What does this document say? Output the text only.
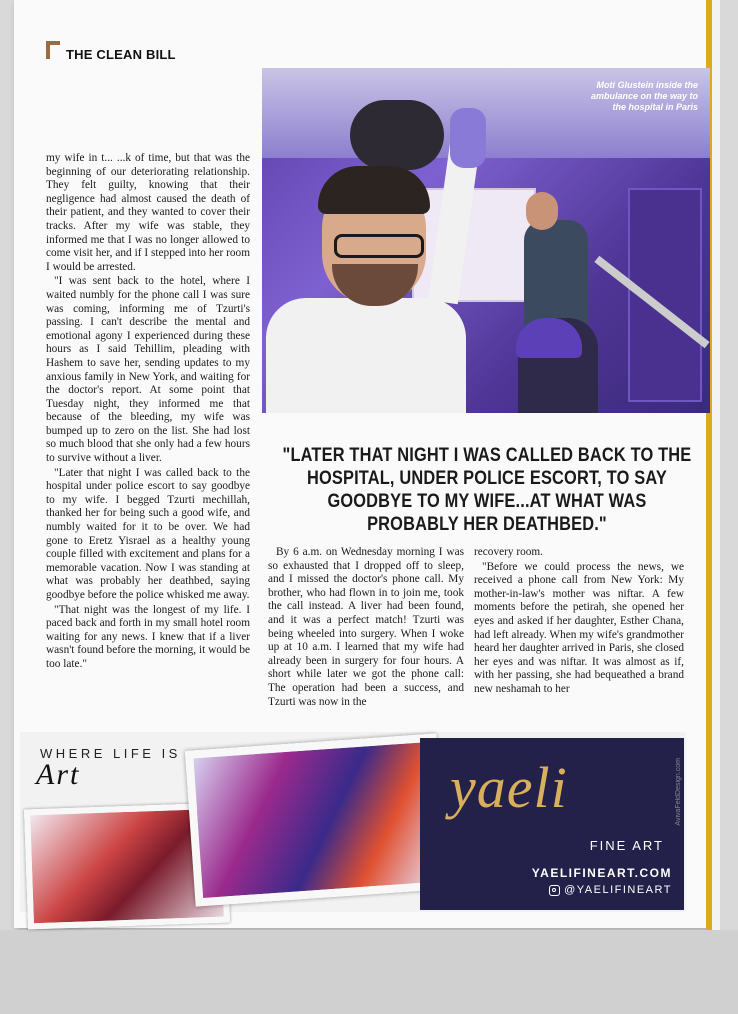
THE CLEAN BILL
Moti Glustein inside the ambulance on the way to the hospital in Paris

my wife in t... ...k of time, but that was the beginning of our deteriorating relationship. They felt guilty, knowing that their negligence had almost caused the death of their patient, and they wanted to cover their tracks. After my wife was stable, they informed me that I was no longer allowed to come visit her, and if I stepped into her room I would be arrested.

"I was sent back to the hotel, where I waited numbly for the phone call I was sure was coming, informing me of Tzurti's passing. I can't describe the mental and emotional agony I experienced during these hours as I said Tehillim, pleading with Hashem to save her, sending updates to my anxious family in New York, and waiting for the doctor's report. At some point that Tuesday night, they informed me that because of the bleeding, my wife was bumped up to zero on the list. She had lost so much blood that she only had a few hours to survive without a liver.

"Later that night I was called back to the hospital under police escort to say goodbye to my wife. I begged Tzurti mechillah, thanked her for being such a good wife, and numbly waited for it to be over. We had gone to Eretz Yisrael as a healthy young couple filled with excitement and plans for a memorable vacation. Now I was standing at what was probably her deathbed, saying goodbye before the police whisked me away.

"That night was the longest of my life. I paced back and forth in my small hotel room waiting for any news. I knew that if a liver wasn't found before the morning, it would be too late."

"LATER THAT NIGHT I WAS CALLED BACK TO THE HOSPITAL, UNDER POLICE ESCORT, TO SAY GOODBYE TO MY WIFE...AT WHAT WAS PROBABLY HER DEATHBED."

By 6 a.m. on Wednesday morning I was so exhausted that I dropped off to sleep, and I missed the doctor's phone call. My brother, who had flown in to join me, took the call instead. A liver had been found, and it was a perfect match! Tzurti was being wheeled into surgery. When I woke up at 10 a.m. I learned that my wife had already been in surgery for four hours. A short while later we got the phone call: The operation had been a success, and Tzurti was now in the

recovery room.

"Before we could process the news, we received a phone call from New York: My mother-in-law's mother was niftar. A few moments before the petirah, she opened her eyes and asked if her daughter, Esther Chana, had left already. When my wife's grandmother heard her daughter arrived in Paris, she closed her eyes and was niftar. It was almost as if, with her passing, she had bequeathed a brand new neshamah to her

WHERE LIFE IS
Art	yaeli
FINE ART
YAELIFINEART.COM
@YAELIFINEART
AvivaFeldDesign.com
